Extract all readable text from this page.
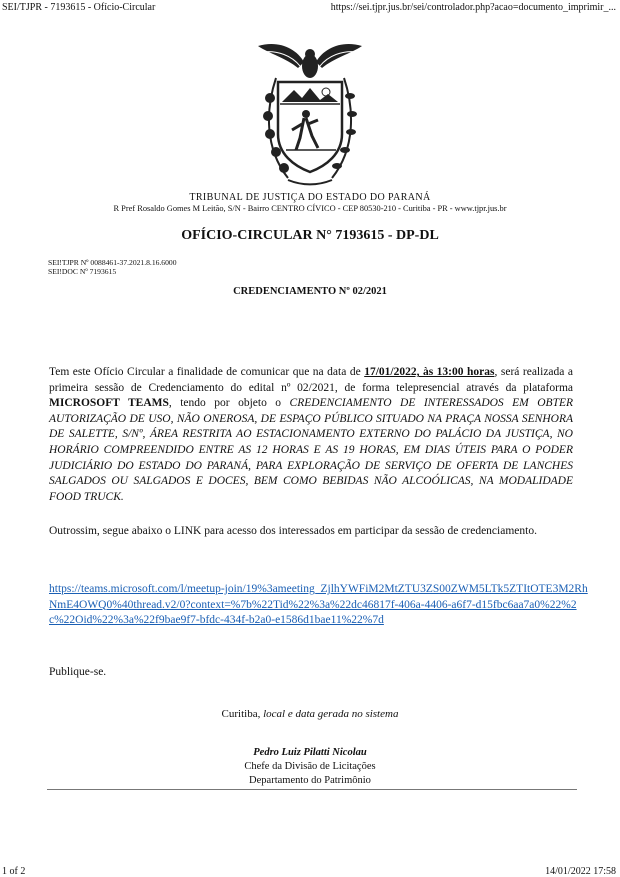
SEI/TJPR - 7193615 - Ofício-Circular	https://sei.tjpr.jus.br/sei/controlador.php?acao=documento_imprimir_...
TRIBUNAL DE JUSTIÇA DO ESTADO DO PARANÁ
R Pref Rosaldo Gomes M Leitão, S/N - Bairro CENTRO CÍVICO - CEP 80530-210 - Curitiba - PR - www.tjpr.jus.br
OFÍCIO-CIRCULAR N° 7193615 - DP-DL
SEI!TJPR Nº 0088461-37.2021.8.16.6000
SEI!DOC Nº 7193615
CREDENCIAMENTO Nº 02/2021
Tem este Ofício Circular a finalidade de comunicar que na data de 17/01/2022, às 13:00 horas, será realizada a primeira sessão de Credenciamento do edital nº 02/2021, de forma telepresencial através da plataforma MICROSOFT TEAMS, tendo por objeto o CREDENCIAMENTO DE INTERESSADOS EM OBTER AUTORIZAÇÃO DE USO, NÃO ONEROSA, DE ESPAÇO PÚBLICO SITUADO NA PRAÇA NOSSA SENHORA DE SALETTE, S/Nº, ÁREA RESTRITA AO ESTACIONAMENTO EXTERNO DO PALÁCIO DA JUSTIÇA, NO HORÁRIO COMPREENDIDO ENTRE AS 12 HORAS E AS 19 HORAS, EM DIAS ÚTEIS PARA O PODER JUDICIÁRIO DO ESTADO DO PARANÁ, PARA EXPLORAÇÃO DE SERVIÇO DE OFERTA DE LANCHES SALGADOS OU SALGADOS E DOCES, BEM COMO BEBIDAS NÃO ALCOÓLICAS, NA MODALIDADE FOOD TRUCK.
Outrossim, segue abaixo o LINK para acesso dos interessados em participar da sessão de credenciamento.
https://teams.microsoft.com/l/meetup-join/19%3ameeting_ZjlhYWFiM2MtZTU3ZS00ZWM5LTk5ZTItOTE3M2RhNmE4OWQ0%40thread.v2/0?context=%7b%22Tid%22%3a%22dc46817f-406a-4406-a6f7-d15fbc6aa7a0%22%2c%22Oid%22%3a%22f9bae9f7-bfdc-434f-b2a0-e1586d1bae11%22%7d
Publique-se.
Curitiba, local e data gerada no sistema
Pedro Luiz Pilatti Nicolau
Chefe da Divisão de Licitações
Departamento do Patrimônio
1 of 2	14/01/2022 17:58
